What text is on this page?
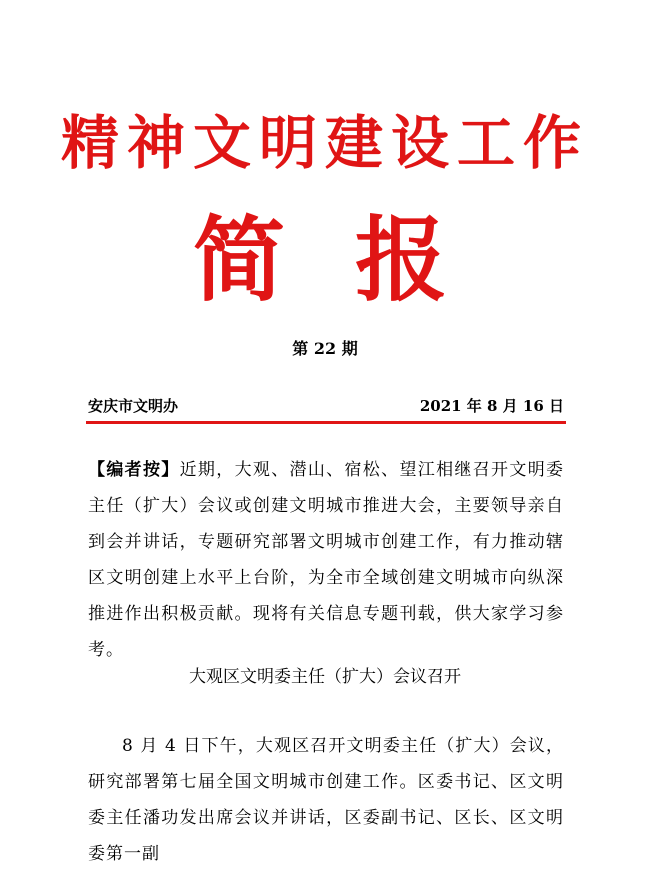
精神文明建设工作
简报
第 22 期
安庆市文明办	2021 年 8 月 16 日

【编者按】近期，大观、潜山、宿松、望江相继召开文明委主任（扩大）会议或创建文明城市推进大会，主要领导亲自到会并讲话，专题研究部署文明城市创建工作，有力推动辖区文明创建上水平上台阶，为全市全域创建文明城市向纵深推进作出积极贡献。现将有关信息专题刊载，供大家学习参考。

大观区文明委主任（扩大）会议召开

8 月 4 日下午，大观区召开文明委主任（扩大）会议，研究部署第七届全国文明城市创建工作。区委书记、区文明委主任潘功发出席会议并讲话，区委副书记、区长、区文明委第一副
